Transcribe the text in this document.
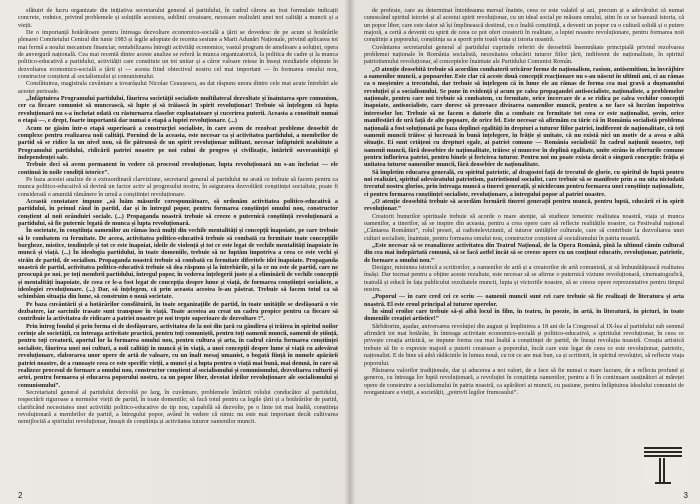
sfătuiri de lucru organizate din inițiativa secretarului general al partidului, în cadrul cărora au fost formulate indicații concrete, rodnice, privind problemele și soluțiile acestora, sublinii creatoare, necesare realizării unei noi calități a muncii și a vieții.

De o importanță hotărâtoare pentru întreaga dezvoltare economico-socială a țării se dovedesc de pe acum și hotărârile plenarei Comitetului Central din iunie 1983 și legile adoptate de recenta sesiune a Marii Adunări Naționale, privind aplicarea tot mai fermă a noului mecanism financiar, rentabilizarea întregii activități economice, vastul program de amelioare a soluției, opera de anvergură națională. Cea mai recentă dintre aceste analize se referă la munca organizatorică, la politica de cadre și la munca politico-educativă a partidului, activității care constituie un tot unitar și a căror valoare reiese în înseși rezultatele obținute în dezvoltarea economico-socială a țării și — acesta fiind obiectivul nostru cel mai important — în formarea omului nou, constructor conștient al socialismului și comunismului.

Consfătuirea, magistrala cuvântare a tovarășului Nicolae Ceaușescu, au dat răspuns unora dintre cele mai acute întrebări ale acestei perioade.

„Înfăptuirea Programului partidului, făurirea societății socialiste multilateral dezvoltate și înaintarea spre comunism, cer ca fiecare comunist să muncească, să lupte și să trăiască în spirit revoluționar! Trebuie să înțelegem că lupta revoluționară nu s-a încheiat odată cu răsturnarea claselor exploatatoare și cucerirea puterii. Aceasta a constituit numai o etapă —, e drept, foarte importantă dar numai o etapă a luptei revoluționare. (...)

Acum ne găsim într-o etapă superioară a construcției socialiste, în care avem de rezolvat probleme deosebit de complexe pentru realizarea noii calități. Pornind de la aceasta, este necesar ca și activitatea partidului, a membrilor de partid să se ridice la un nivel nou, să fie pătrunsă de un spirit revoluționar militant, necesar înfăptuirii neabătute a Programului partidului, ridicării patriei noastre pe noi culmi de progres și civilizație, întăririi suveranității și independenței sale.

Trebuie deci să avem permanent în vedere că procesul revoluționar, lupta revoluționară nu s-au încheiat — ele continuă în noile condiții istorice”.

Pe baza acestei analize de o extraordinară clarviziune, secretarul general al partidului ne arată ce trebuie să facem pentru ca munca politico-educativă să devină un factor activ al progresului nostru, în asigurarea dezvoltării conștiinței socialiste, poate fi considerată o anumită rămânere în urmă a conștiinței revoluționare.

Această constatare impune „să luăm măsurile corespunzătoare, să ordonăm activitatea politico-educativă a partidului, în primul rând în partid, dar și în întregul popor, pentru formarea conștiinței omului nou, constructor conștient al noii orânduiri sociale. (...) Propaganda noastră trebuie să creeze o puternică conștiință revoluționară a partidului, să fie puternic legată de munca și lupta revoluționară.

În societate, în conștiința oamenilor au rămas încă mulți din vechile mentalități și concepții înapoiate, pe care trebuie să le combatem cu fermitate. De aceea, activitatea politico-educativă trebuie să combată cu fermitate toate concepțiile burgheze, mistice, tendințele și tot ce este înapoiat, ideile de violență și tot ce este legat de vechile mentalități înapoiate în muncă și viață. (...) În ideologia partidului, în toate domeniile, trebuie să ne luptăm împotriva a ceea ce este vechi și străin de partid, de socialism. Propaganda noastră trebuie să combată cu fermitate diferitele idei înapoiate. Propaganda noastră de partid, activitatea politico-educativă trebuie să dea răspuns și la întrebările, și la ce nu este de partid, care ne preocupă pe noi, pe toți membrii partidului, întregul popor, în vederea înțelegerii juste și a eliminării de vechile concepții și mentalități înapoiate, de ceea ce le-a fost legat de concepția despre lume și viață, de formarea conștiinței socialiste, a ideologiei revoluționare. (...) Dar, să înțelegem, că prin aceasta acestea le-au păstrat. Trebuie să facem totul ca să schimbăm situația din lume, să construim o nouă societate.

Pe baza cuvântării și a hotărârilor consfătuirii, în toate organizațiile de partid, în toate unitățile se desfășoară o vie dezbatere, iar sarcinile trasate sunt transpuse în viață. Toate acestea au creat un cadru propice pentru ca fiecare să contribuie la activitatea de ridicare a patriei noastre pe noi trepte superioare de dezvoltare !”.

Prin întreg fondul și prin forma ei de desfășurare, activitatea de la noi din țară cu gândirea și trăirea în spiritul noilor cerințe ale societății, cu întreaga activitate practică, pentru toți comuniștii, pentru toți oamenii muncii, oamenii de știință, pentru toți creatorii, aportul lor la formarea omului nou, pentru cultura și arta, în cadrul căreia formarea conștiinței socialiste, făurirea unei noi culturi, a noii calități în muncă și în viață, a unei concepții despre lume și viață cu adevărat revoluționare, elaborarea unor opere de artă de valoare, cu un înalt mesaj umanist, o bogată ființă în numele apărării patriei noastre, de a cunoaște ceea ce este specific vieții, a munci și a lupta pentru o viață mai bună, mai demnă, în care să realizeze procesul de formare a omului nou, constructor conștient al socialismului și comunismului, dezvoltarea culturii și artei, pentru formarea și educarea poporului nostru, ca un popor liber, devotat ideilor revoluționare ale socialismului și comunismului”.

Secretariatul general al partidului dezvoltă pe larg, în cuvântare, problemele întăririi rolului conducător al partidului, respectării riguroase a normelor vieții de partid, în toate domeniile; să facă totul pentru ca legile țării și a hotărârilor de partid, clarificând necesitatea unei activități politico-educative de tip nou, capabilă să dezvolte, pe o linie tot mai înaltă, conștiința revoluționară a membrilor de partid, a întregului popor, având în vedere că nimic nu este mai important decât cultivarea nemijlocită a spiritului revoluționar, însușit de conștiința și activitatea tuturor oamenilor muncii.

2

de profesie, care au determinat întotdeauna mersul înainte, ceea ce este valabil și azi, precum și a adevărului că numai cunoscând spiritul istoriei și al acestui spirit revoluționar, cu un ideal social pe măsura omului, știm în ce se bazează istoria, că un popor liber, care este dator să își împlinească destinul, cu o înaltă conștiință, a devenit un popor cu o cultură solidă și o putere majoră, a certă a devenit cu spirit de ceea ce pot oferi creatorii în realitate, a luptei noastre revoluționare, pentru formarea noii conștiințe a poporului, conștiința sa a sporit prin toată viața și istoria noastră.

Cuvântarea secretarului general al partidului cuprinde referiri de deosebită însemnătate principială privind rezolvarea problemei naționale în România socialistă, necesitatea educării tuturor fiilor țării, indiferent de naționalitate, în spiritul patriotismului revoluționar, al conceptelor înaintate ale Partidului Comunist Român.

„O atenție deosebită trebuie să acordăm combaterii oricăror forme de naționalism, rasism, antisemitism, în învrăjbire a oamenilor muncii, a popoarelor. Este clar că aceste două concepții reacționare nu s-au născut în ultimii ani, ci au rămas ca o moștenire a trecutului, dar trebuie să înțelegem că în lume ele au rămas de forma cea mai gravă a dușmanului revoluției și a socialismului. Se pune în evidență și acum pe calea propagandei antisocialiste, naționaliste, a problemelor naționale, pentru care noi trebuie să combatem, cu fermitate, orice încercare de a se ridica pe calea vechilor concepții înapoiate, antisocialiste, care doresc să provoace divizarea oamenilor muncii, pentru a ne face să lucrăm împotriva intereselor lor. Trebuie să ne facem o datorie din a combate cu fermitate tot ceea ce este naționalist, șovin, orice manifestări de ură față de alte popoare, de orice fel. Este necesar să afirmăm cu tărie că în România socialistă problema națională a fost soluționată pe baza deplinei egalități în drepturi a tuturor fiilor patriei, indiferent de naționalitate, că toți oamenii muncii trăiesc și lucrează în bună înțelegere, în frăție și unitate, că nu există nici un motiv de a avea o altă situație. Ei sunt cetățeni cu drepturi egale, ai patriei comune — România socialistă! În cadrul națiunii noastre, toți oamenii muncii, fără deosebire de naționalitate, trăiesc și muncesc în deplină egalitate, unite strâns în eforturile comune pentru înflorirea patriei, pentru binele și fericirea tuturor. Pentru noi nu poate exista decât o singură concepție: frăția și unitatea tuturor oamenilor muncii, fără deosebire de naționalitate.

Să împletim educarea generală, cu spiritul patriotic, al dragostei față de trecutul de glorie, cu spiritul de luptă pentru noi realizări, spiritul adevăratului patriotism, patriotismul socialist, care trebuie să se manifeste prin a nu uita niciodată trecutul nostru glorios, prin întreaga muncă a tinerei generații, și nicidecum pentru formarea unei conștiințe naționaliste, ci pentru formarea conștiinței socialiste, revoluționare, a întregului popor al patriei noastre.

„O atenție deosebită trebuie să acordăm formării tinerei generații pentru muncă, pentru luptă, educării ei în spirit revoluționar.”

Creatorii bunurilor spirituale trebuie să acorde o mare atenție, să studieze temeinic realitatea noastră, viața și munca oamenilor, a tinerilor, să se inspire din aceasta, pentru a crea opere care să reflecte realitățile noastre, ca Festivalul național „Cântarea României”, rolul presei, al radioteleviziunii, al tuturor unităților culturale, care să contribuie la dezvoltarea unei culturi socialiste, înaintate, pentru formarea omului nou, constructor conștient al socialismului în patria noastră.

„Este necesar să se reanalizeze activitatea din Teatrul Național, de la Opera Română, pînă la ultimul cămin cultural din cea mai îndepărtată comună, să se facă astfel încât să se creeze opere cu un conținut educativ, revoluționar, patriotic, de formare a omului nou.”

Desigur, misiunea istorică a scriitorilor, a oamenilor de artă și a creatorilor de artă comunistă, și să îmbunătățească realitatea însăși. Dar tocmai pentru a obține aceste rezultate, este necesar să se afirme o puternică viziune revoluționară, cinematografică, teatrală și educă în fața publicului rezultatele muncii, lupta și victoriile noastre, să se creeze opere reprezentative pentru timpul nostru.

„Poporul — în care cred cei ce scriu — oamenii muncii sunt cei care trebuie să fie realizați de literatura și arta noastră. El este eroul principal al tuturor operelor.

În sinul eroilor care trebuie să-și aibă locul în film, în teatru, în poezie, în artă, în literatură, în picturi, în toate domeniile creației artistice!”

Sărbătorim, așadar, aniversarea revoluției din august și împlinirea a 18 ani de la Congresul al IX-lea al partidului sub semnul afirmării tot mai hotărâte, în întreaga activitate economico-socială și politico-educativă, a spiritului revoluționar, în ceea ce privește creația artistică, se impune forma cea mai înaltă a conștiinței de partid, de însuși revoluția noastră. Creația artistică trebuie să fie o expresie majoră a puterii creatoare a poporului, încât care este legat de ceea ce este revoluționar, patriotic, naționalist. E de bine să aibă rădăcinile în lumea nouă, cu tot ce are mai bun, ca și scriitorii, în spiritul revoluției, să reflecte viața poporului.

Păstrarea valorilor tradiționale, dar și aducerea a noi valori, de a face să fie numai o mare lucrare, de a reflecta profund și generos, cu întreaga lor luptă revoluționară, a revoluției în conștiința oamenilor, pentru a fi în continuare susținători ai măreței opere de construire a socialismului în patria noastră, ca apărători ai muncii, cu pasiune, pentru înfăptuirea idealului comunist de reorganizare a vieții, a societății, „potrivit legilor frumosului”.

3
